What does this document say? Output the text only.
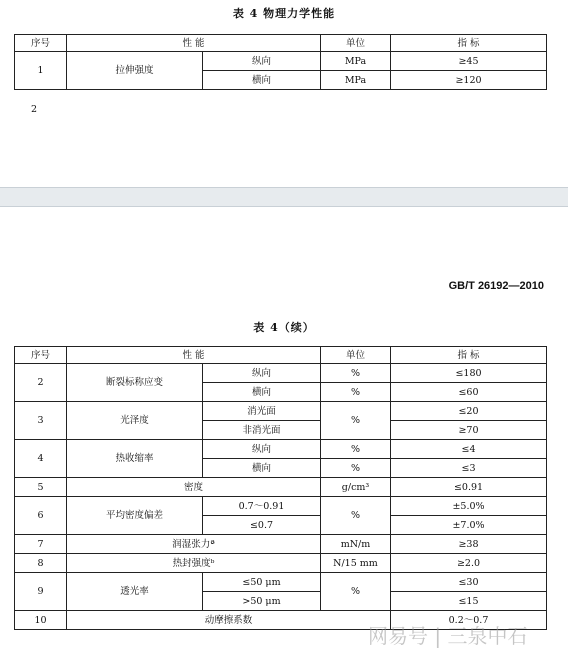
表 4 物理力学性能
序号	性 能		单位	指 标
1	拉伸强度	纵向	MPa	≥45
		横向	MPa	≥120
2
GB/T 26192—2010
表 4（续）
序号	性 能		单位	指 标
2	断裂标称应变	纵向	%	≤180
		横向	%	≤60
3	光泽度	消光面	%	≤20
		非消光面		≥70
4	热收缩率	纵向	%	≤4
		横向	%	≤3
5	密度		g/cm³	≤0.91
6	平均密度偏差	0.7～0.91	%	±5.0%
		≤0.7		±7.0%
7	润湿张力ª		mN/m	≥38
8	热封强度ᵇ		N/15 mm	≥2.0
9	透光率	≤50 μm	%	≤30
		>50 μm		≤15
10	动摩擦系数			0.2～0.7
网易号 | 三泉中石
